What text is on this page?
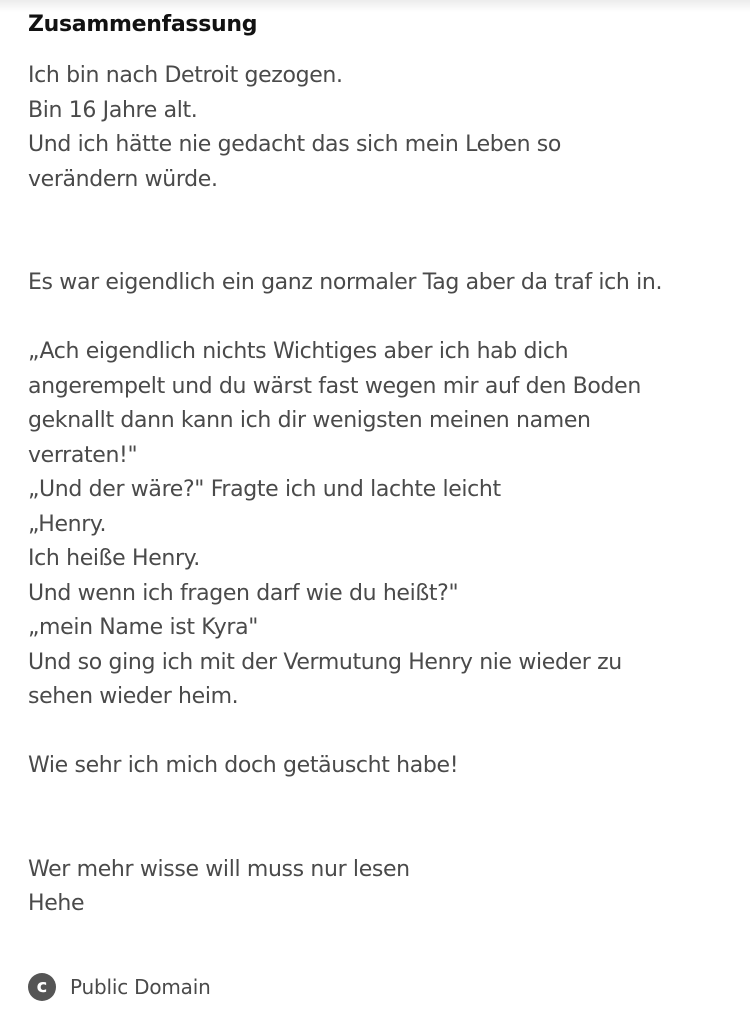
Zusammenfassung

Ich bin nach Detroit gezogen.

Bin 16 Jahre alt.

Und ich hätte nie gedacht das sich mein Leben so

verändern würde.

Es war eigendlich ein ganz normaler Tag aber da traf ich in.

„Ach eigendlich nichts Wichtiges aber ich hab dich

angerempelt und du wärst fast wegen mir auf den Boden

geknallt dann kann ich dir wenigsten meinen namen

verraten!"

„Und der wäre?" Fragte ich und lachte leicht

„Henry.

Ich heiße Henry.

Und wenn ich fragen darf wie du heißt?"

„mein Name ist Kyra"

Und so ging ich mit der Vermutung Henry nie wieder zu

sehen wieder heim.

Wie sehr ich mich doch getäuscht habe!

Wer mehr wisse will muss nur lesen

Hehe

c	Public Domain
